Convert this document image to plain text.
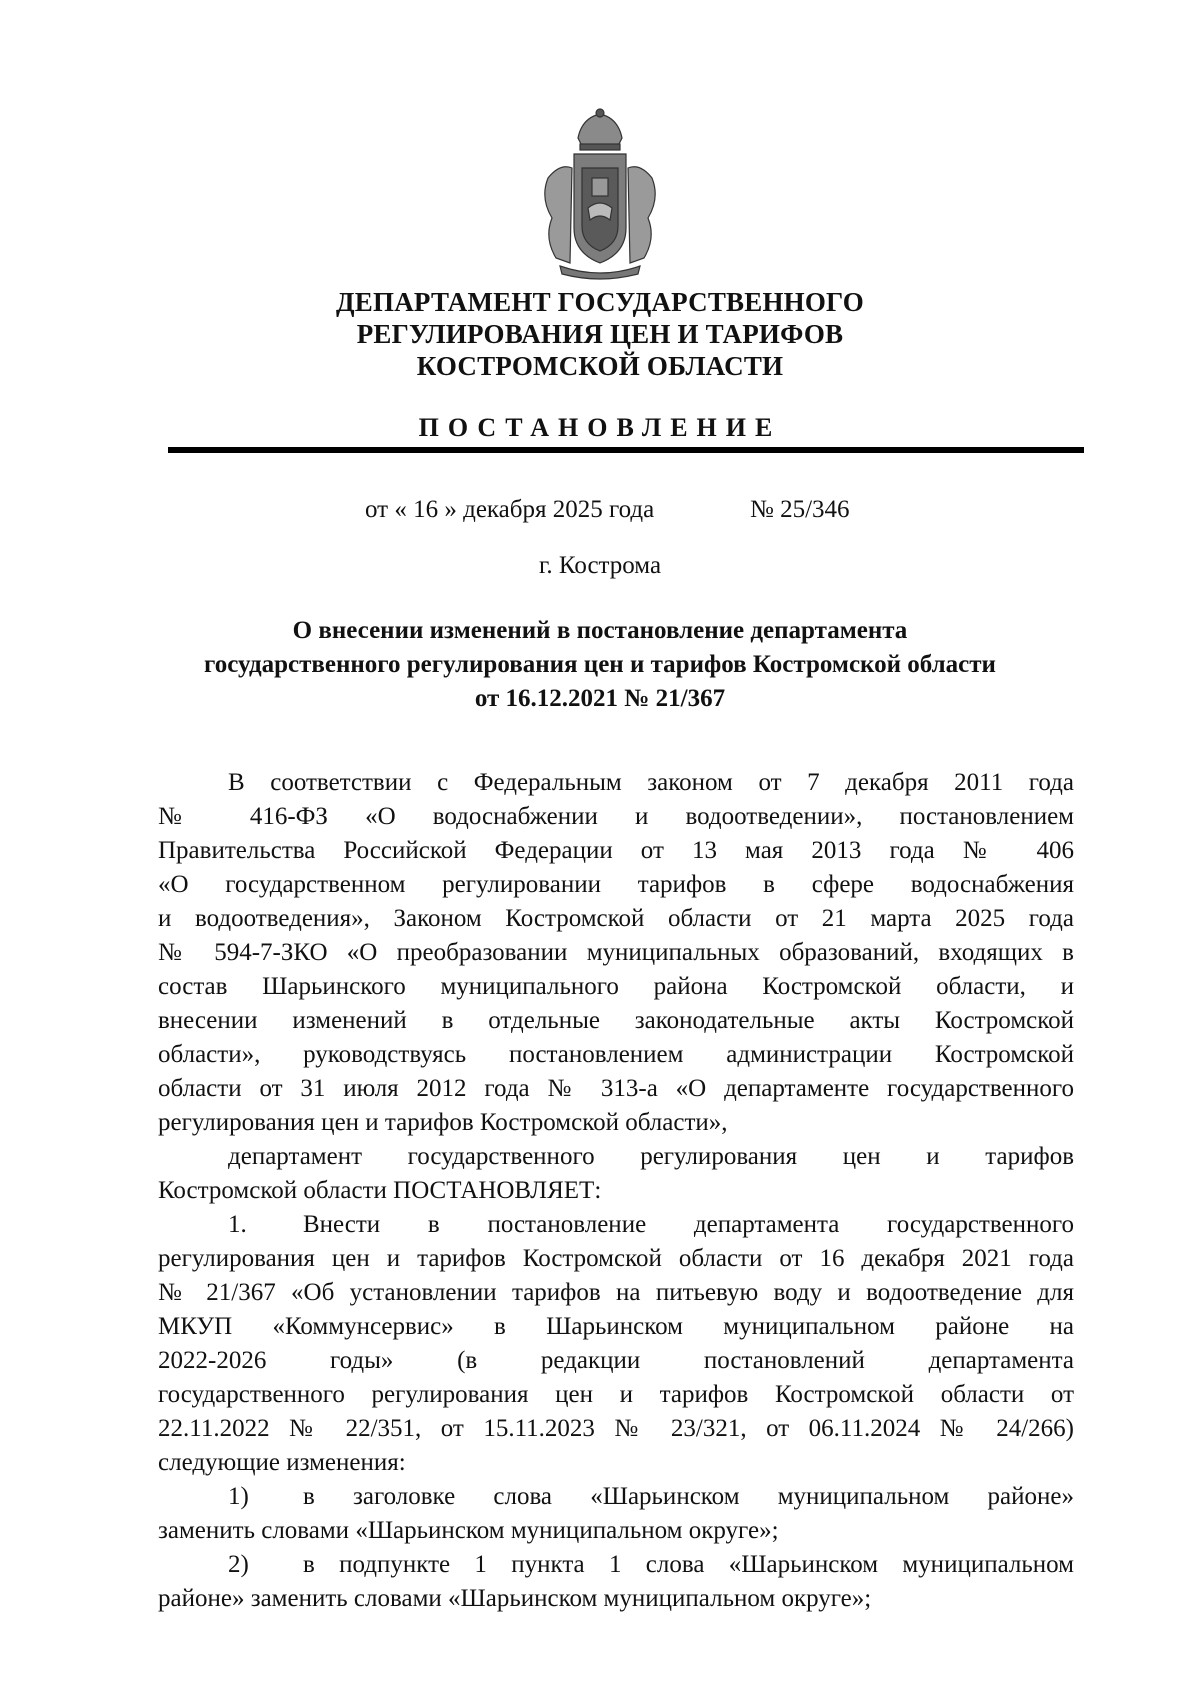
ДЕПАРТАМЕНТ ГОСУДАРСТВЕННОГО
РЕГУЛИРОВАНИЯ ЦЕН И ТАРИФОВ
КОСТРОМСКОЙ ОБЛАСТИ
ПОСТАНОВЛЕНИЕ
от « 16 » декабря 2025 года	№ 25/346
г. Кострома
О внесении изменений в постановление департамента
государственного регулирования цен и тарифов Костромской области
от 16.12.2021 № 21/367
В соответствии с Федеральным законом от 7 декабря 2011 года
№ 416-ФЗ «О водоснабжении и водоотведении», постановлением
Правительства Российской Федерации от 13 мая 2013 года № 406
«О государственном регулировании тарифов в сфере водоснабжения
и водоотведения», Законом Костромской области от 21 марта 2025 года
№ 594-7-ЗКО «О преобразовании муниципальных образований, входящих в
состав Шарьинского муниципального района Костромской области, и
внесении изменений в отдельные законодательные акты Костромской
области», руководствуясь постановлением администрации Костромской
области от 31 июля 2012 года № 313-а «О департаменте государственного
регулирования цен и тарифов Костромской области»,
департамент государственного регулирования цен и тарифов
Костромской области ПОСТАНОВЛЯЕТ:
1. Внести в постановление департамента государственного
регулирования цен и тарифов Костромской области от 16 декабря 2021 года
№ 21/367 «Об установлении тарифов на питьевую воду и водоотведение для
МКУП «Коммунсервис» в Шарьинском муниципальном районе на
2022-2026 годы» (в редакции постановлений департамента
государственного регулирования цен и тарифов Костромской области от
22.11.2022 № 22/351, от 15.11.2023 № 23/321, от 06.11.2024 № 24/266)
следующие изменения:
1) в заголовке слова «Шарьинском муниципальном районе»
заменить словами «Шарьинском муниципальном округе»;
2) в подпункте 1 пункта 1 слова «Шарьинском муниципальном
районе» заменить словами «Шарьинском муниципальном округе»;
